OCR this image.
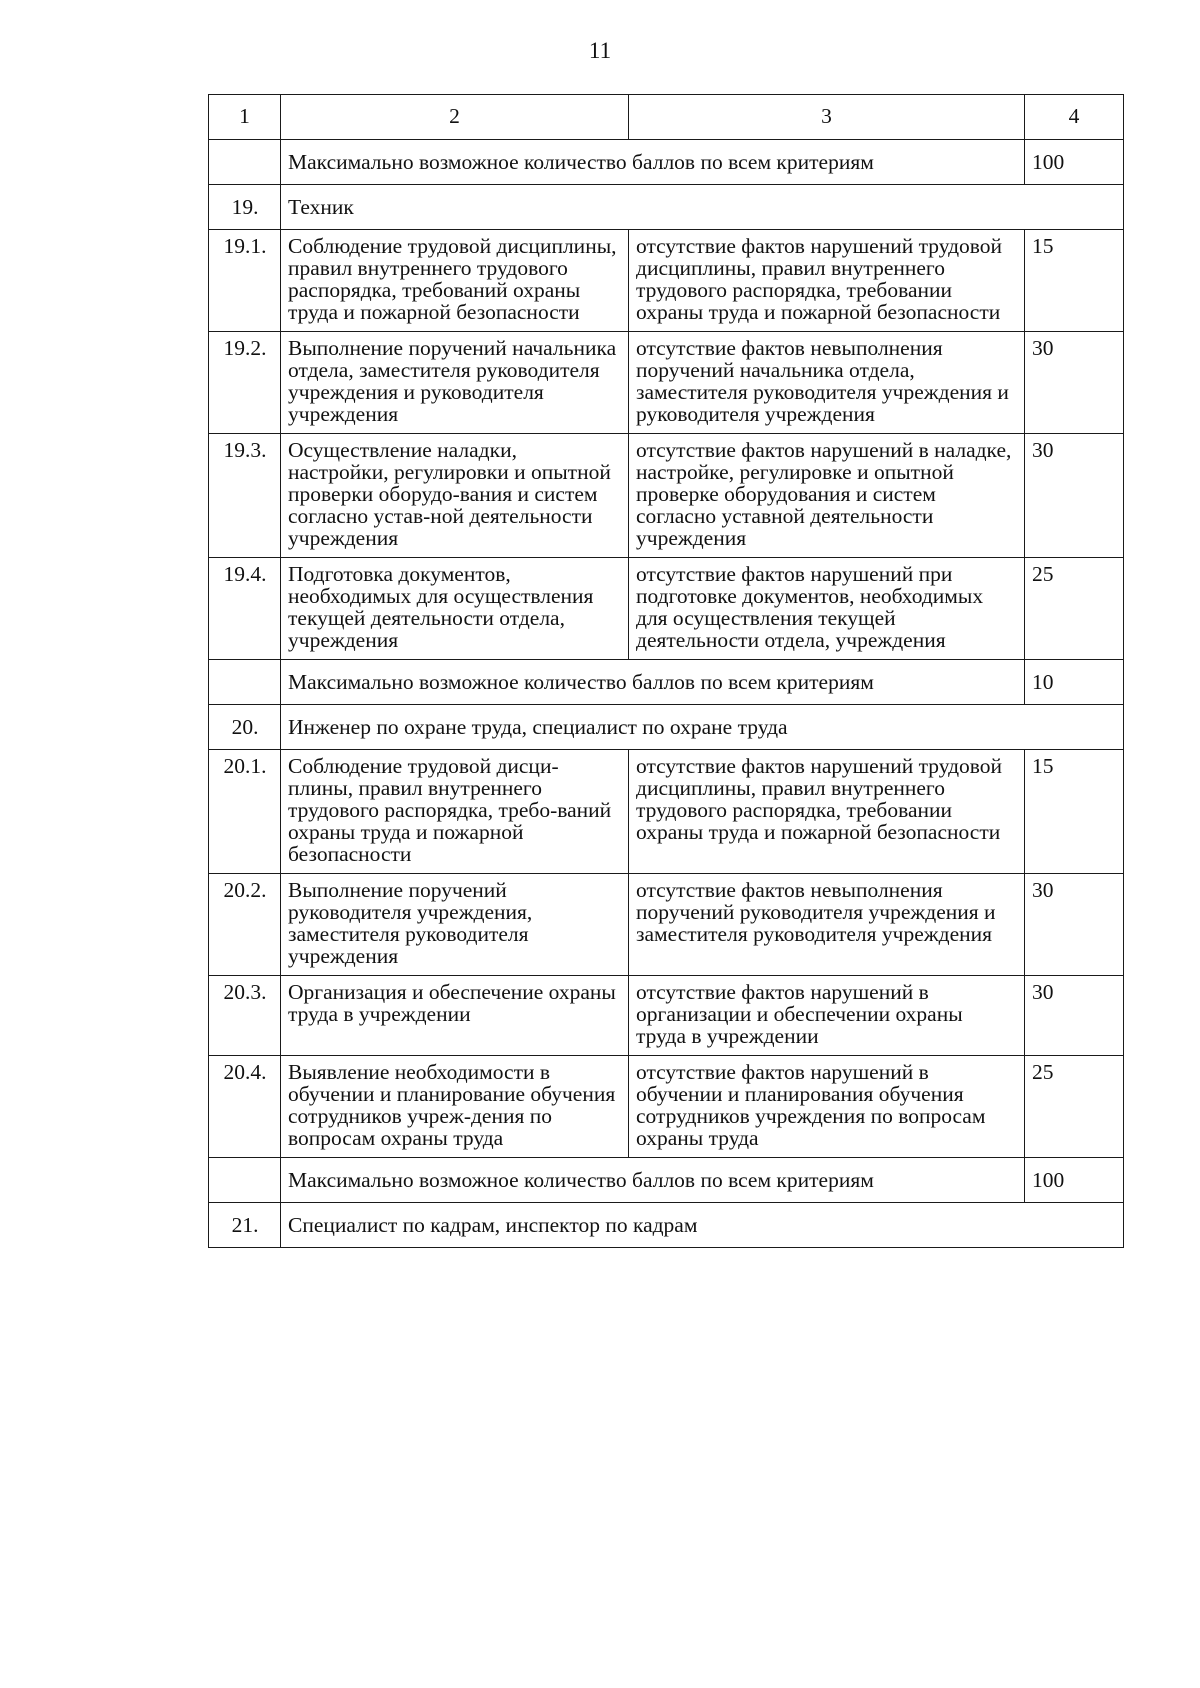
11
1	2	3	4
	Максимально возможное количество баллов по всем критериям		100
19.	Техник		
19.1.	Соблюдение трудовой дисциплины, правил внутреннего трудового распорядка, требований охраны труда и пожарной безопасности	отсутствие фактов нарушений трудовой дисциплины, правил внутреннего трудового распорядка, требовании охраны труда и пожарной безопасности	15
19.2.	Выполнение поручений начальника отдела, заместителя руководителя учреждения и руководителя учреждения	отсутствие фактов невыполнения поручений начальника отдела, заместителя руководителя учреждения и руководителя учреждения	30
19.3.	Осуществление наладки, настройки, регулировки и опытной проверки оборудо-вания и систем согласно устав-ной деятельности учреждения	отсутствие фактов нарушений в наладке, настройке, регулировке и опытной проверке оборудования и систем согласно уставной деятельности учреждения	30
19.4.	Подготовка документов, необходимых для осуществления текущей деятельности отдела, учреждения	отсутствие фактов нарушений при подготовке документов, необходимых для осуществления текущей деятельности отдела, учреждения	25
	Максимально возможное количество баллов по всем критериям		10
20.	Инженер по охране труда, специалист по охране труда		
20.1.	Соблюдение трудовой дисци-плины, правил внутреннего трудового распорядка, требо-ваний охраны труда и пожарной безопасности	отсутствие фактов нарушений трудовой дисциплины, правил внутреннего трудового распорядка, требовании охраны труда и пожарной безопасности	15
20.2.	Выполнение поручений руководителя учреждения, заместителя руководителя учреждения	отсутствие фактов невыполнения поручений руководителя учреждения и заместителя руководителя учреждения	30
20.3.	Организация и обеспечение охраны труда в учреждении	отсутствие фактов нарушений в организации и обеспечении охраны труда в учреждении	30
20.4.	Выявление необходимости в обучении и планирование обучения сотрудников учреж-дения по вопросам охраны труда	отсутствие фактов нарушений в обучении и планирования обучения сотрудников учреждения по вопросам охраны труда	25
	Максимально возможное количество баллов по всем критериям		100
21.	Специалист по кадрам, инспектор по кадрам		
